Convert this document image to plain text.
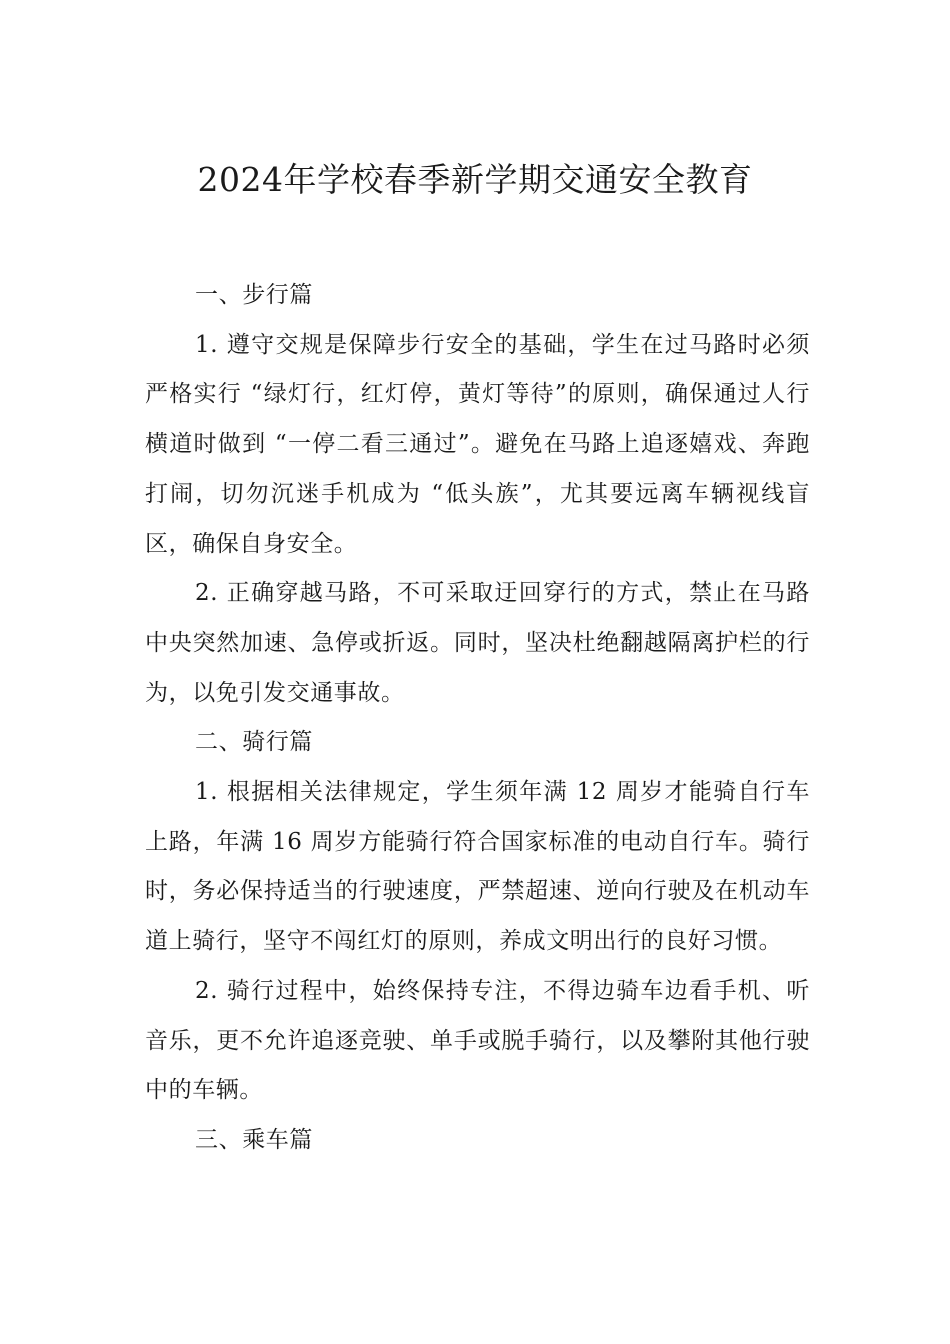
2024年学校春季新学期交通安全教育

一、步行篇

1. 遵守交规是保障步行安全的基础，学生在过马路时必须严格实行 “绿灯行，红灯停，黄灯等待”的原则，确保通过人行横道时做到 “一停二看三通过”。避免在马路上追逐嬉戏、奔跑打闹，切勿沉迷手机成为 “低头族”，尤其要远离车辆视线盲区，确保自身安全。

2. 正确穿越马路，不可采取迂回穿行的方式，禁止在马路中央突然加速、急停或折返。同时，坚决杜绝翻越隔离护栏的行为，以免引发交通事故。

二、骑行篇

1. 根据相关法律规定，学生须年满 12 周岁才能骑自行车上路，年满 16 周岁方能骑行符合国家标准的电动自行车。骑行时，务必保持适当的行驶速度，严禁超速、逆向行驶及在机动车道上骑行，坚守不闯红灯的原则，养成文明出行的良好习惯。

2. 骑行过程中，始终保持专注，不得边骑车边看手机、听音乐，更不允许追逐竞驶、单手或脱手骑行，以及攀附其他行驶中的车辆。

三、乘车篇
